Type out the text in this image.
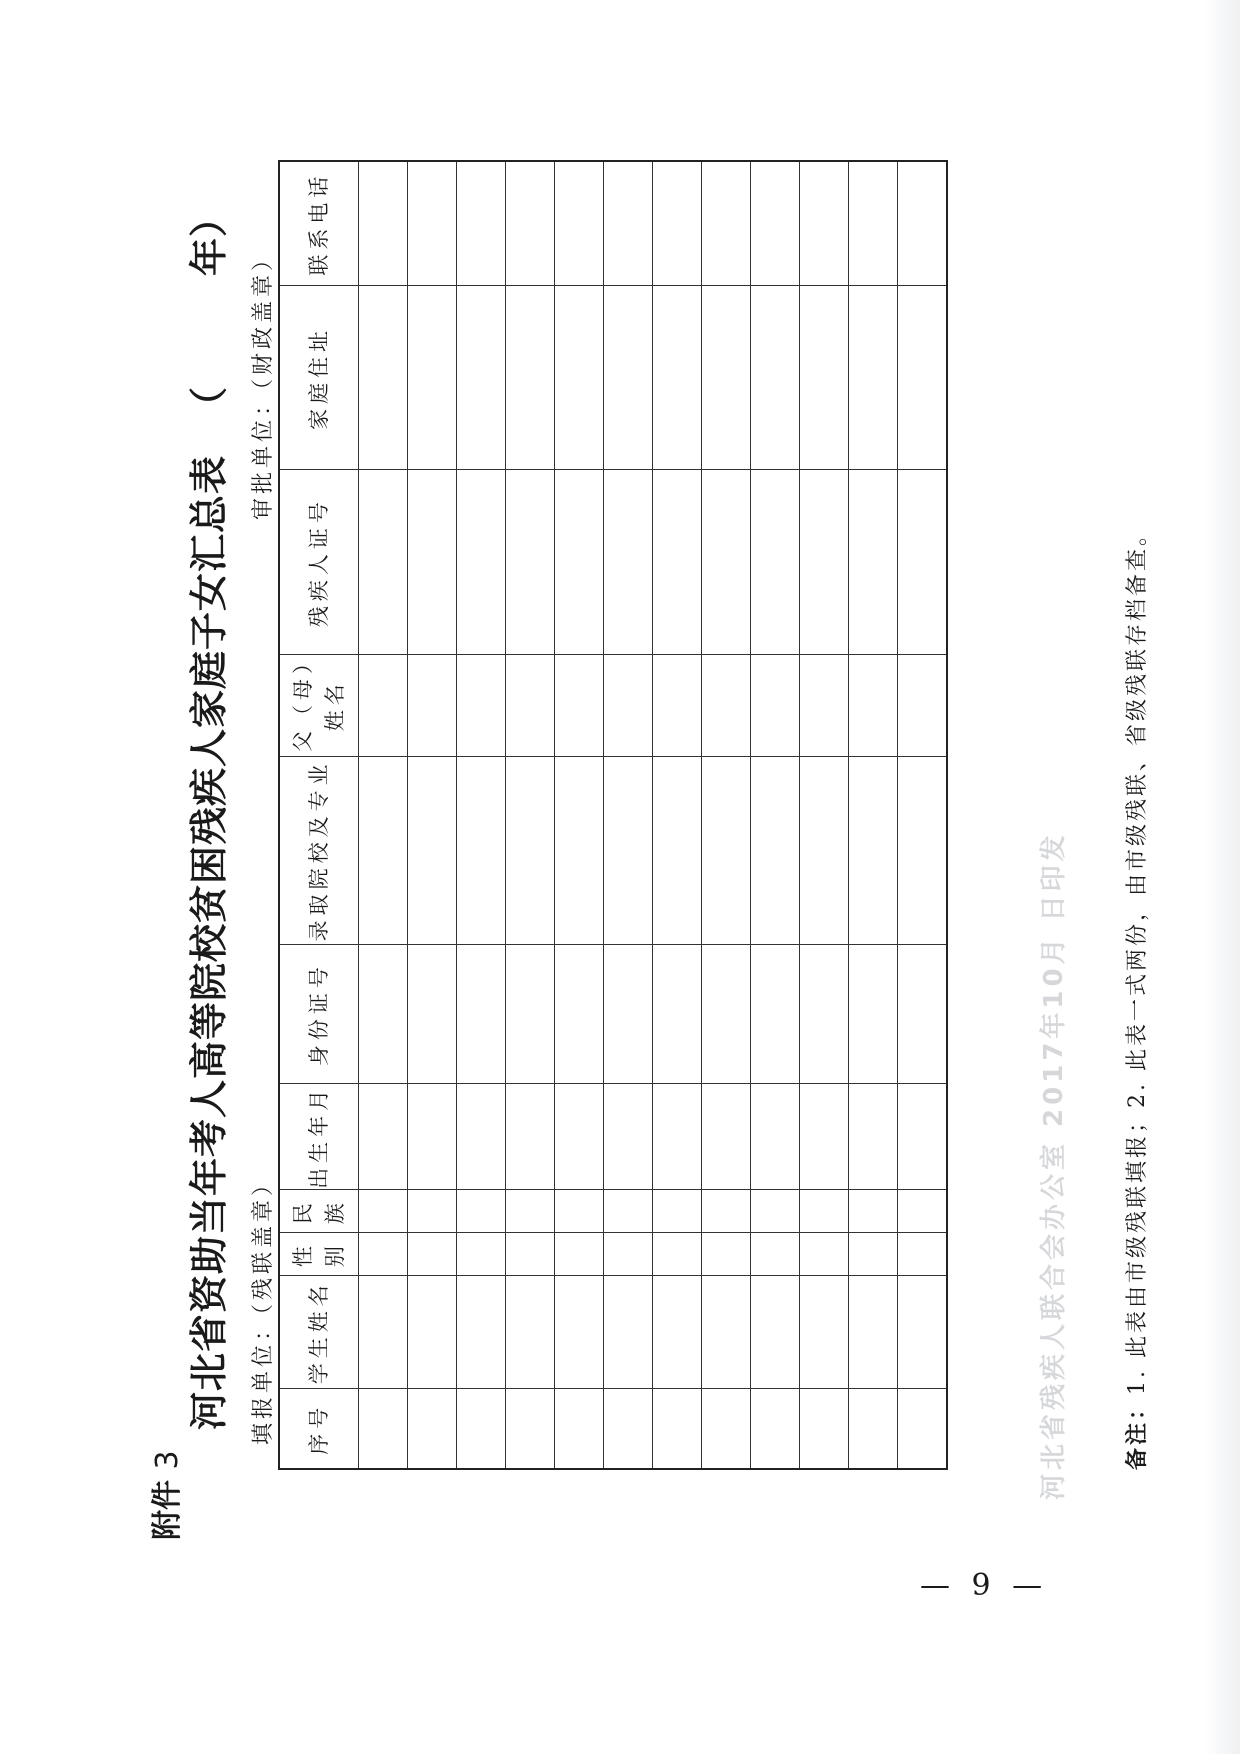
河北省残疾人联合会办公室 2017年10月 日印发
附件 3
河北省资助当年考人高等院校贫困残疾人家庭子女汇总表（年）
填报单位：（残联盖章）
审批单位：（财政盖章）
序号	学生姓名	性别	民族	出生年月	身份证号	录取院校及专业	父（母）姓名	残疾人证号	家庭住址	联系电话

备注：1. 此表由市级残联填报；2. 此表一式两份，由市级残联、省级残联存档备查。
— 9 —
